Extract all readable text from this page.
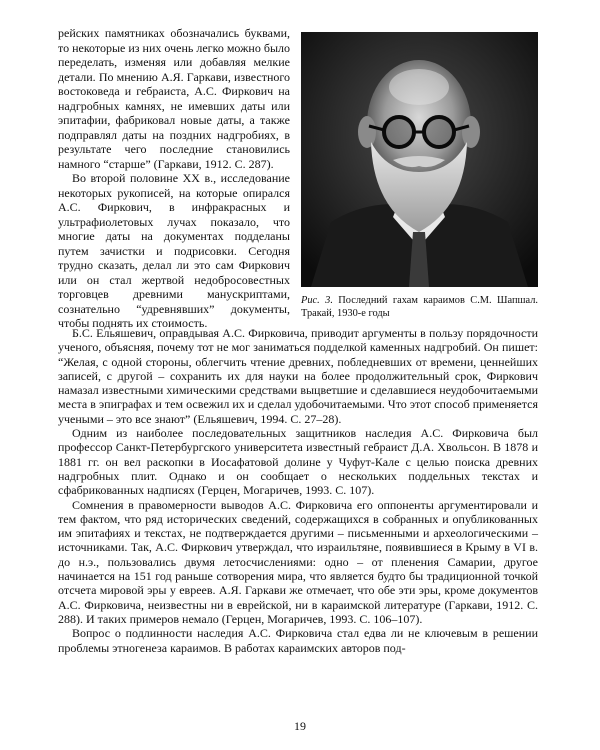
рейских памятниках обозначались буквами, то некоторые из них очень легко можно было переделать, изменяя или добавляя мелкие детали. По мнению А.Я. Гаркави, известного востоковеда и гебраиста, А.С. Фиркович на надгробных камнях, не имевших даты или эпитафии, фабриковал новые даты, а также подправлял даты на поздних надгробиях, в результате чего последние становились намного “старше” (Гаркави, 1912. С. 287).

Во второй половине XX в., исследование некоторых рукописей, на которые опирался А.С. Фиркович, в инфракрасных и ультрафиолетовых лучах показало, что многие даты на документах подделаны путем зачистки и подрисовки. Сегодня трудно сказать, делал ли это сам Фиркович или он стал жертвой недобросовестных торговцев древними манускриптами, сознательно “удревнявших” документы, чтобы поднять их стоимость.

Рис. 3. Последний гахам караимов С.М. Шапшал. Тракай, 1930-е годы

Б.С. Ельяшевич, оправдывая А.С. Фирковича, приводит аргументы в пользу порядочности ученого, объясняя, почему тот не мог заниматься подделкой каменных надгробий. Он пишет: “Желая, с одной стороны, облегчить чтение древних, побледневших от времени, ценнейших записей, с другой – сохранить их для науки на более продолжительный срок, Фиркович намазал известными химическими средствами выцветшие и сделавшиеся неудобочитаемыми места в эпиграфах и тем освежил их и сделал удобочитаемыми. Что этот способ применяется учеными – это все знают” (Ельяшевич, 1994. С. 27–28).

Одним из наиболее последовательных защитников наследия А.С. Фирковича был профессор Санкт-Петербургского университета известный гебраист Д.А. Хвольсон. В 1878 и 1881 гг. он вел раскопки в Иосафатовой долине у Чуфут-Кале с целью поиска древних надгробных плит. Однако и он сообщает о нескольких поддельных текстах и сфабрикованных надписях (Герцен, Могаричев, 1993. С. 107).

Сомнения в правомерности выводов А.С. Фирковича его оппоненты аргументировали и тем фактом, что ряд исторических сведений, содержащихся в собранных и опубликованных им эпитафиях и текстах, не подтверждается другими – письменными и археологическими – источниками. Так, А.С. Фиркович утверждал, что израильтяне, появившиеся в Крыму в VI в. до н.э., пользовались двумя летосчислениями: одно – от пленения Самарии, другое начинается на 151 год раньше сотворения мира, что является будто бы традиционной точкой отсчета мировой эры у евреев. А.Я. Гаркави же отмечает, что обе эти эры, кроме документов А.С. Фирковича, неизвестны ни в еврейской, ни в караимской литературе (Гаркави, 1912. С. 288). И таких примеров немало (Герцен, Могаричев, 1993. С. 106–107).

Вопрос о подлинности наследия А.С. Фирковича стал едва ли не ключевым в решении проблемы этногенеза караимов. В работах караимских авторов под-

19
